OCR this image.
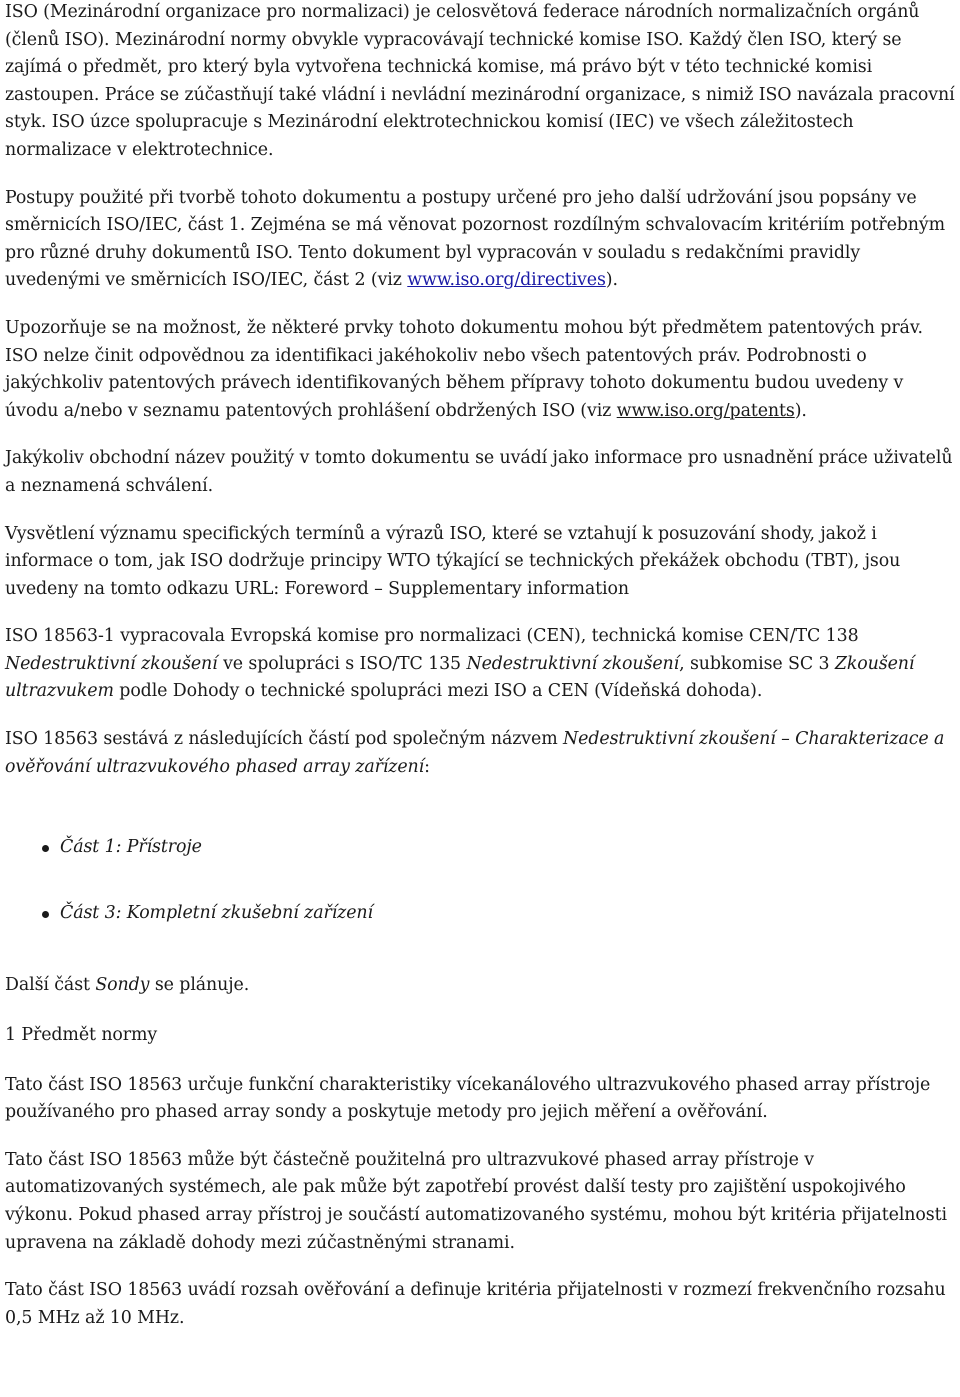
ISO (Mezinárodní organizace pro normalizaci) je celosvětová federace národních normalizačních orgánů (členů ISO). Mezinárodní normy obvykle vypracovávají technické komise ISO. Každý člen ISO, který se zajímá o předmět, pro který byla vytvořena technická komise, má právo být v této technické komisi zastoupen. Práce se zúčastňují také vládní i nevládní mezinárodní organizace, s nimiž ISO navázala pracovní styk. ISO úzce spolupracuje s Mezinárodní elektrotechnickou komisí (IEC) ve všech záležitostech normalizace v elektrotechnice.

Postupy použité při tvorbě tohoto dokumentu a postupy určené pro jeho další udržování jsou popsány ve směrnicích ISO/IEC, část 1. Zejména se má věnovat pozornost rozdílným schvalovacím kritériím potřebným pro různé druhy dokumentů ISO. Tento dokument byl vypracován v souladu s redakčními pravidly uvedenými ve směrnicích ISO/IEC, část 2 (viz www.iso.org/directives).

Upozorňuje se na možnost, že některé prvky tohoto dokumentu mohou být předmětem patentových práv. ISO nelze činit odpovědnou za identifikaci jakéhokoliv nebo všech patentových práv. Podrobnosti o jakýchkoliv patentových právech identifikovaných během přípravy tohoto dokumentu budou uvedeny v úvodu a/nebo v seznamu patentových prohlášení obdržených ISO (viz www.iso.org/patents).

Jakýkoliv obchodní název použitý v tomto dokumentu se uvádí jako informace pro usnadnění práce uživatelů a neznamená schválení.

Vysvětlení významu specifických termínů a výrazů ISO, které se vztahují k posuzování shody, jakož i informace o tom, jak ISO dodržuje principy WTO týkající se technických překážek obchodu (TBT), jsou uvedeny na tomto odkazu URL: Foreword – Supplementary information

ISO 18563-1 vypracovala Evropská komise pro normalizaci (CEN), technická komise CEN/TC 138 Nedestruktivní zkoušení ve spolupráci s ISO/TC 135 Nedestruktivní zkoušení, subkomise SC 3 Zkoušení ultrazvukem podle Dohody o technické spolupráci mezi ISO a CEN (Vídeňská dohoda).

ISO 18563 sestává z následujících částí pod společným názvem Nedestruktivní zkoušení – Charakterizace a ověřování ultrazvukového phased array zařízení:

Část 1: Přístroje
Část 3: Kompletní zkušební zařízení

Další část Sondy se plánuje.

1 Předmět normy

Tato část ISO 18563 určuje funkční charakteristiky vícekanálového ultrazvukového phased array přístroje používaného pro phased array sondy a poskytuje metody pro jejich měření a ověřování.

Tato část ISO 18563 může být částečně použitelná pro ultrazvukové phased array přístroje v automatizovaných systémech, ale pak může být zapotřebí provést další testy pro zajištění uspokojivého výkonu. Pokud phased array přístroj je součástí automatizovaného systému, mohou být kritéria přijatelnosti upravena na základě dohody mezi zúčastněnými stranami.

Tato část ISO 18563 uvádí rozsah ověřování a definuje kritéria přijatelnosti v rozmezí frekvenčního rozsahu 0,5 MHz až 10 MHz.
